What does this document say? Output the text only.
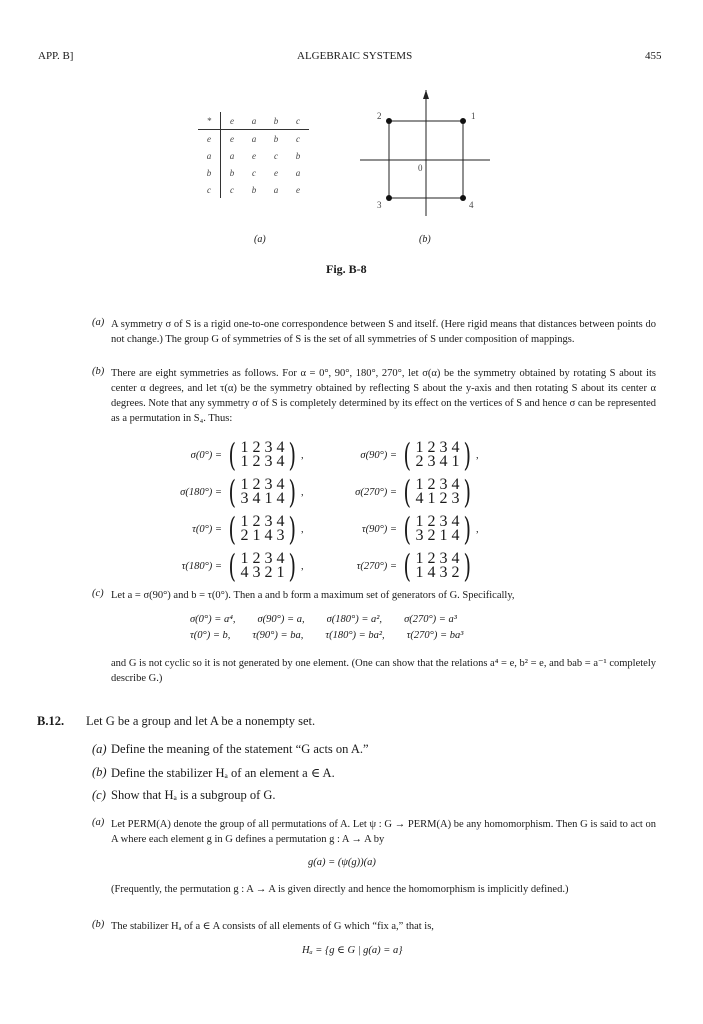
APP. B]	ALGEBRAIC SYSTEMS	455
*	e	a	b	c
e	e	a	b	c
a	a	e	c	b
b	b	c	e	a
c	c	b	a	e
2	1
3	4
0
(a)	(b)
Fig. B-8
(a) A symmetry σ of S is a rigid one-to-one correspondence between S and itself. (Here rigid means that distances between points do not change.) The group G of symmetries of S is the set of all symmetries of S under composition of mappings.
(b) There are eight symmetries as follows. For α = 0°, 90°, 180°, 270°, let σ(α) be the symmetry obtained by rotating S about its center α degrees, and let τ(α) be the symmetry obtained by reflecting S about the y-axis and then rotating S about its center α degrees. Note that any symmetry σ of S is completely determined by its effect on the vertices of S and hence σ can be represented as a permutation in S₄. Thus:
σ(0°) = ( 1 2 3 4
1 2 3 4 ) ,	σ(90°) = ( 1 2 3 4
2 3 4 1 ) ,
σ(180°) = ( 1 2 3 4
3 4 1 4 ) ,	σ(270°) = ( 1 2 3 4
4 1 2 3 )
τ(0°) = ( 1 2 3 4
2 1 4 3 ) ,	τ(90°) = ( 1 2 3 4
3 2 1 4 ) ,
τ(180°) = ( 1 2 3 4
4 3 2 1 ) ,	τ(270°) = ( 1 2 3 4
1 4 3 2 )
(c) Let a = σ(90°) and b = τ(0°). Then a and b form a maximum set of generators of G. Specifically,
σ(0°) = a⁴, σ(90°) = a, σ(180°) = a², σ(270°) = a³
τ(0°) = b, τ(90°) = ba, τ(180°) = ba², τ(270°) = ba³
and G is not cyclic so it is not generated by one element. (One can show that the relations a⁴ = e, b² = e, and bab = a⁻¹ completely describe G.)
B.12. Let G be a group and let A be a nonempty set.
(a) Define the meaning of the statement “G acts on A.”
(b) Define the stabilizer Hₐ of an element a ∈ A.
(c) Show that Hₐ is a subgroup of G.
(a) Let PERM(A) denote the group of all permutations of A. Let ψ : G → PERM(A) be any homomorphism. Then G is said to act on A where each element g in G defines a permutation g : A → A by
g(a) = (ψ(g))(a)
(Frequently, the permutation g : A → A is given directly and hence the homomorphism is implicitly defined.)
(b) The stabilizer Hₐ of a ∈ A consists of all elements of G which “fix a,” that is,
Hₐ = {g ∈ G | g(a) = a}
